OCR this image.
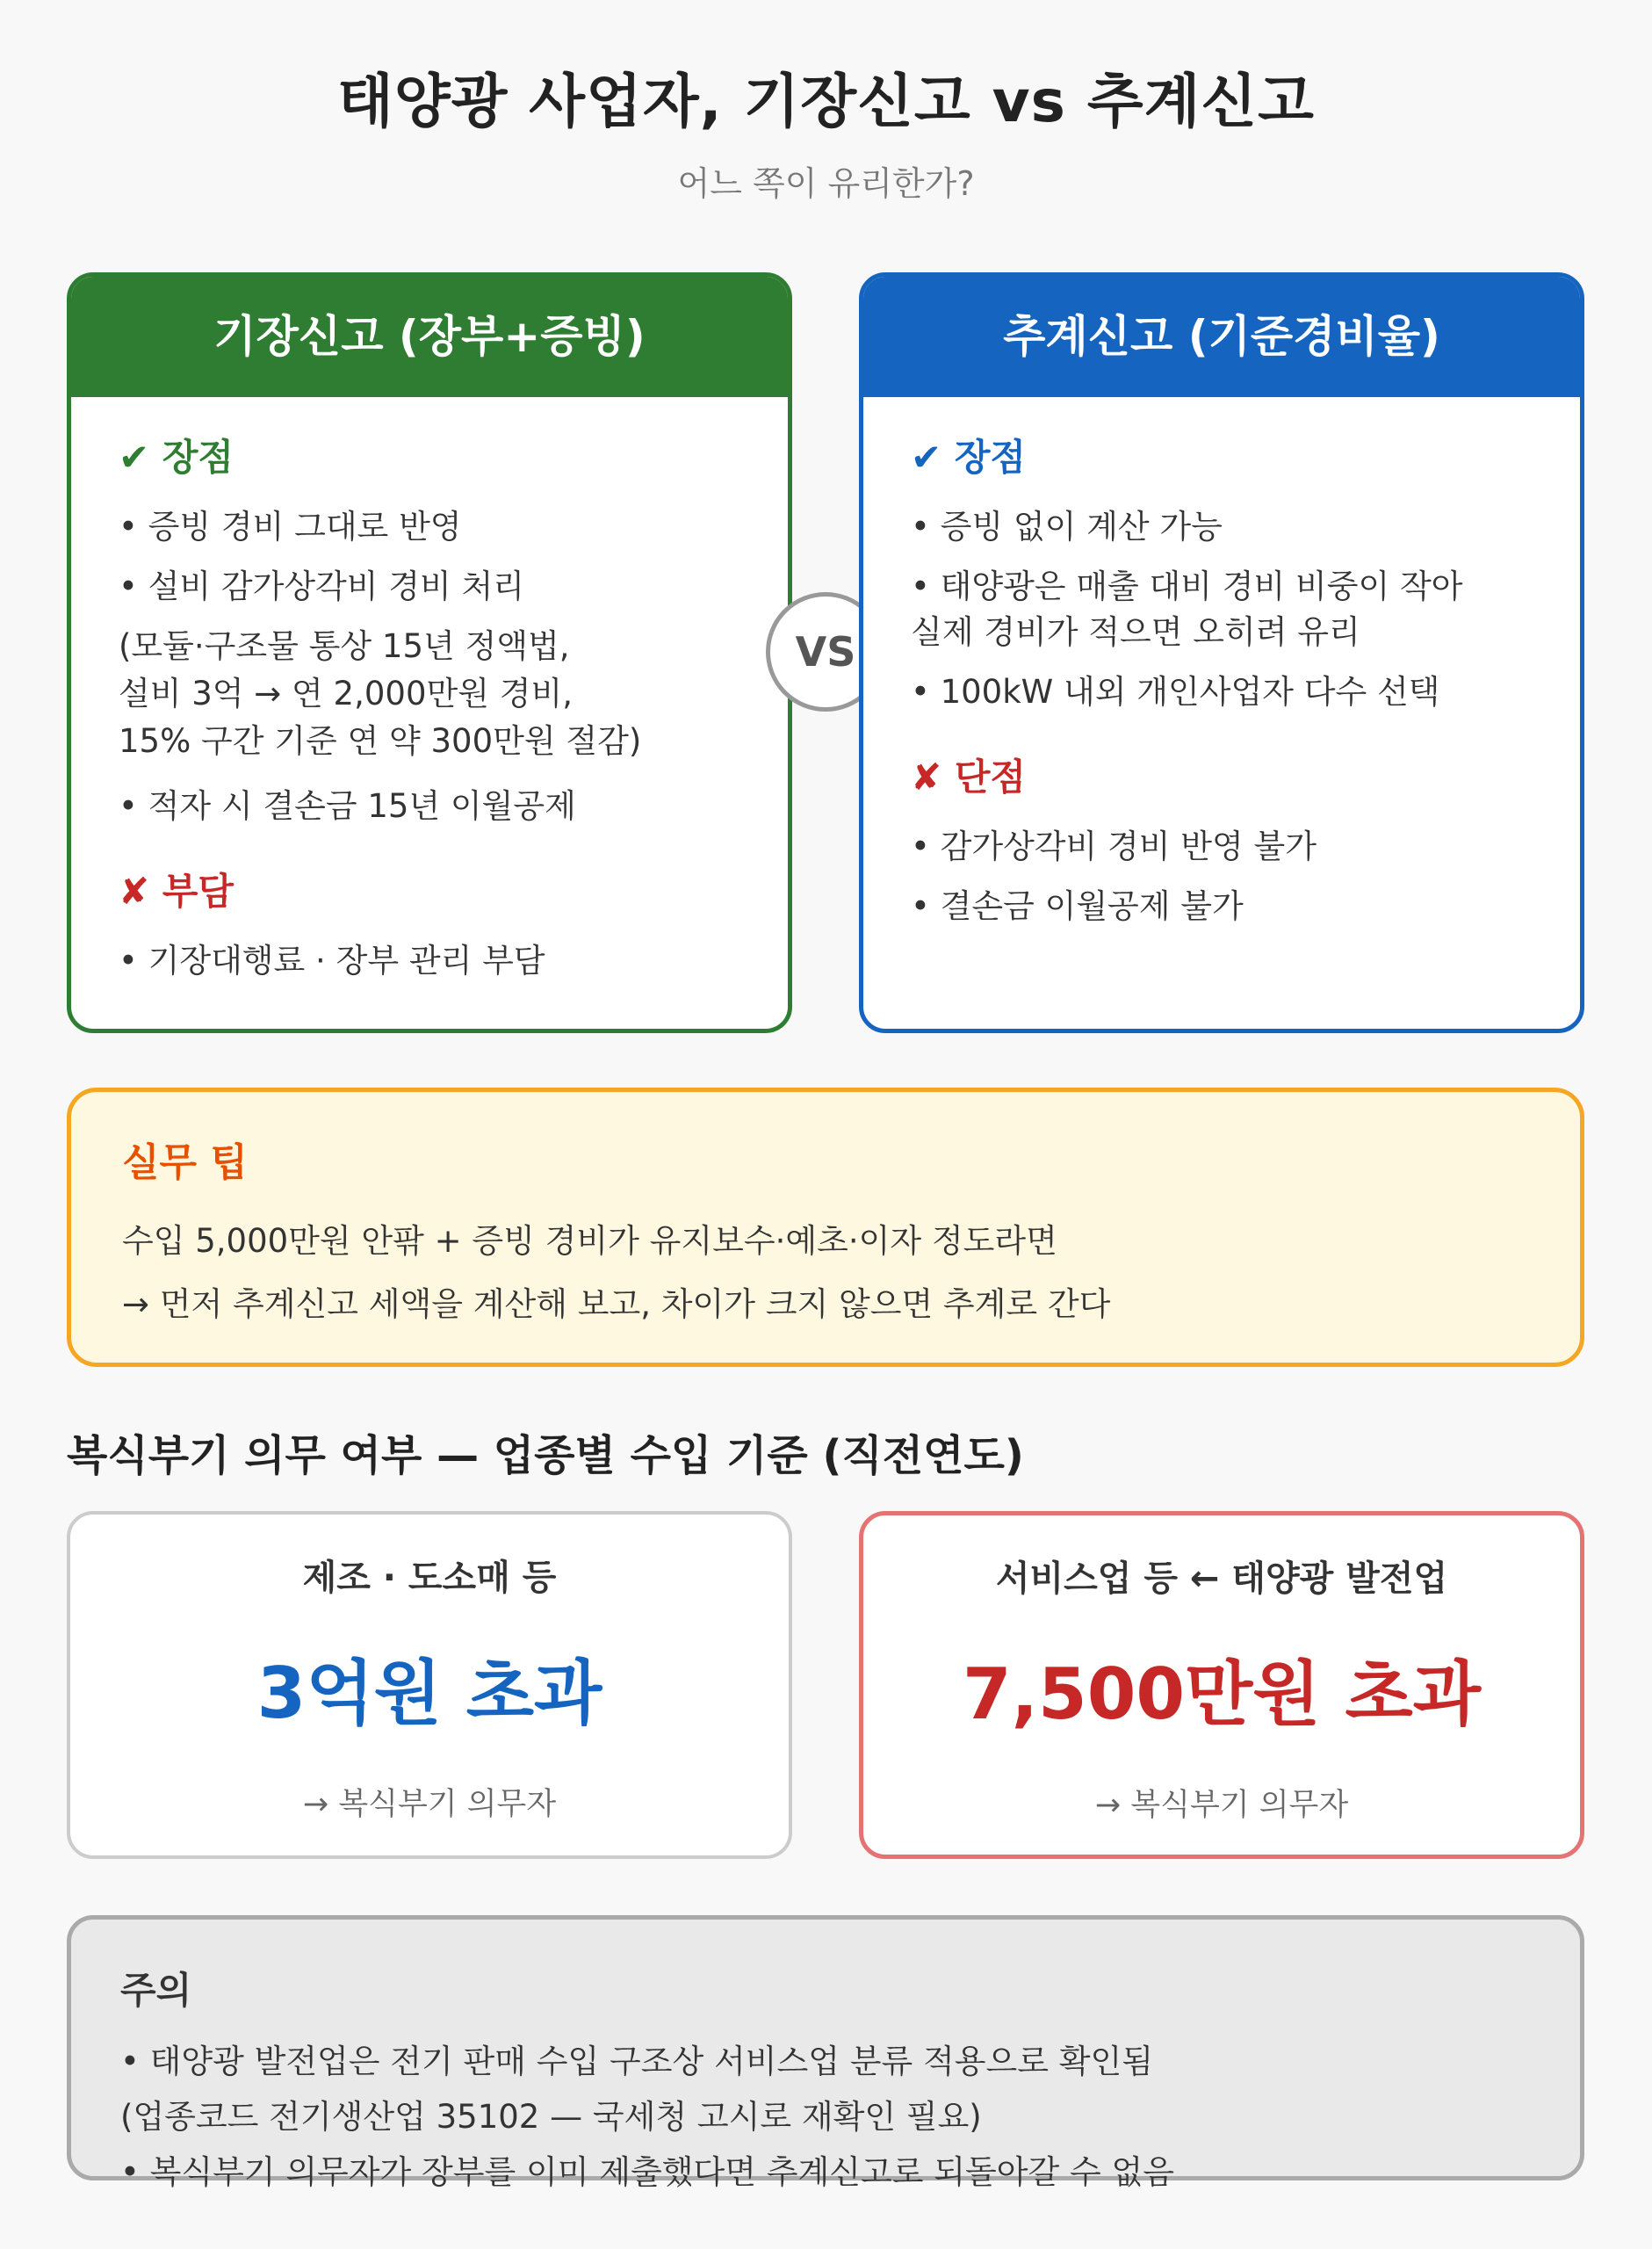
태양광 사업자, 기장신고 vs 추계신고
어느 쪽이 유리한가?
기장신고 (장부+증빙)
✔ 장점
• 증빙 경비 그대로 반영
• 설비 감가상각비 경비 처리
(모듈·구조물 통상 15년 정액법,
설비 3억 → 연 2,000만원 경비,
15% 구간 기준 연 약 300만원 절감)
• 적자 시 결손금 15년 이월공제
✘ 부담
• 기장대행료 · 장부 관리 부담
VS
추계신고 (기준경비율)
✔ 장점
• 증빙 없이 계산 가능
• 태양광은 매출 대비 경비 비중이 작아
실제 경비가 적으면 오히려 유리
• 100kW 내외 개인사업자 다수 선택
✘ 단점
• 감가상각비 경비 반영 불가
• 결손금 이월공제 불가
실무 팁
수입 5,000만원 안팎 + 증빙 경비가 유지보수·예초·이자 정도라면
→ 먼저 추계신고 세액을 계산해 보고, 차이가 크지 않으면 추계로 간다
복식부기 의무 여부 — 업종별 수입 기준 (직전연도)
제조 · 도소매 등
3억원 초과
→ 복식부기 의무자
서비스업 등 ← 태양광 발전업
7,500만원 초과
→ 복식부기 의무자
주의
• 태양광 발전업은 전기 판매 수입 구조상 서비스업 분류 적용으로 확인됨
(업종코드 전기생산업 35102 — 국세청 고시로 재확인 필요)
• 복식부기 의무자가 장부를 이미 제출했다면 추계신고로 되돌아갈 수 없음
